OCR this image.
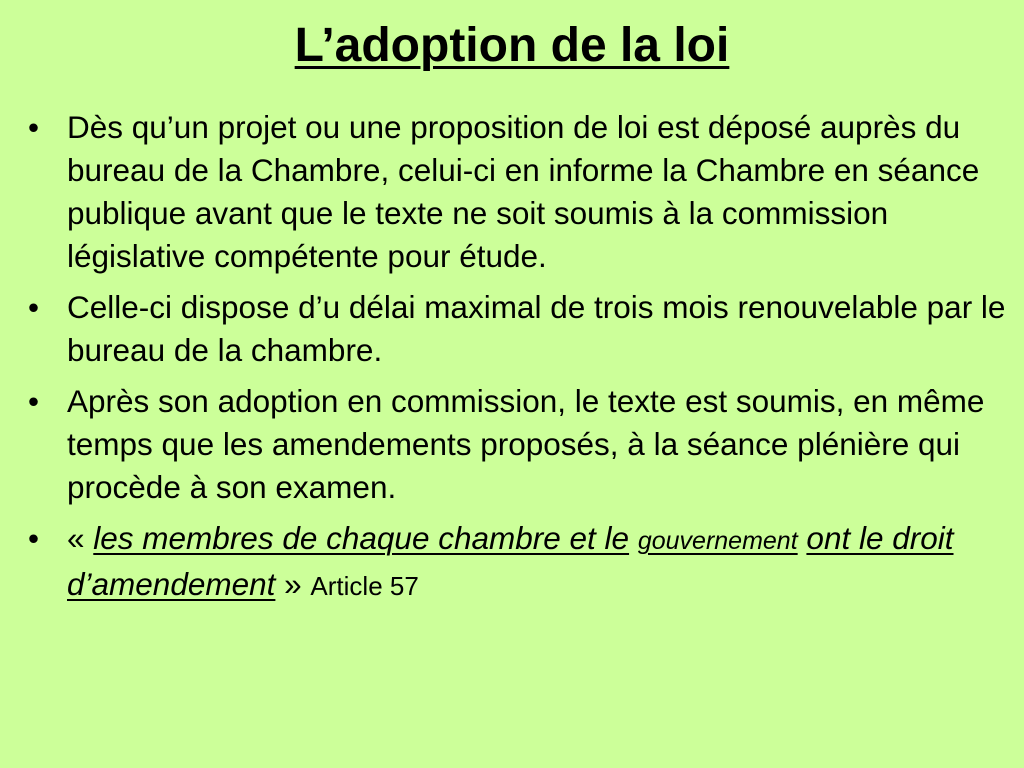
L’adoption de la loi
• Dès qu’un projet ou une proposition de loi est déposé auprès du bureau de la Chambre, celui-ci en informe la Chambre en séance publique avant que le texte ne soit soumis à la commission législative compétente pour étude.
• Celle-ci dispose d’u délai maximal de trois mois renouvelable par le bureau de la chambre.
• Après son adoption en commission, le texte est soumis, en même temps que les amendements proposés, à la séance plénière qui procède à son examen.
• « les membres de chaque chambre et le gouvernement ont le droit d’amendement » Article 57
